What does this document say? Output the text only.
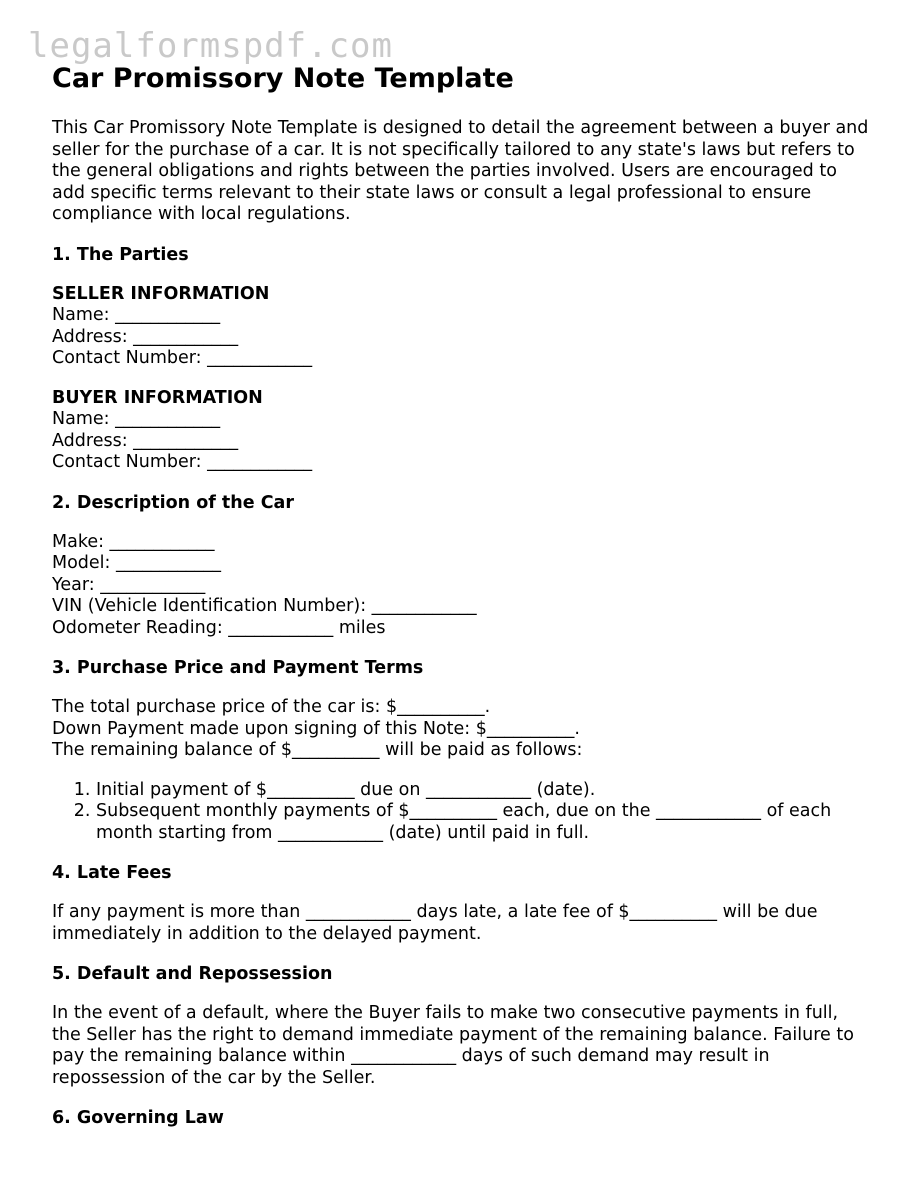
legalformspdf.com
Car Promissory Note Template

This Car Promissory Note Template is designed to detail the agreement between a buyer and seller for the purchase of a car. It is not specifically tailored to any state's laws but refers to the general obligations and rights between the parties involved. Users are encouraged to add specific terms relevant to their state laws or consult a legal professional to ensure compliance with local regulations.

1. The Parties
SELLER INFORMATION
Name: ____________
Address: ____________
Contact Number: ____________
BUYER INFORMATION
Name: ____________
Address: ____________
Contact Number: ____________
2. Description of the Car
Make: ____________
Model: ____________
Year: ____________
VIN (Vehicle Identification Number): ____________
Odometer Reading: ____________ miles
3. Purchase Price and Payment Terms
The total purchase price of the car is: $__________.
Down Payment made upon signing of this Note: $__________.
The remaining balance of $__________ will be paid as follows:
1. Initial payment of $__________ due on ____________ (date).
2. Subsequent monthly payments of $__________ each, due on the ____________ of each month starting from ____________ (date) until paid in full.
4. Late Fees
If any payment is more than ____________ days late, a late fee of $__________ will be due immediately in addition to the delayed payment.
5. Default and Repossession
In the event of a default, where the Buyer fails to make two consecutive payments in full, the Seller has the right to demand immediate payment of the remaining balance. Failure to pay the remaining balance within ____________ days of such demand may result in repossession of the car by the Seller.
6. Governing Law
